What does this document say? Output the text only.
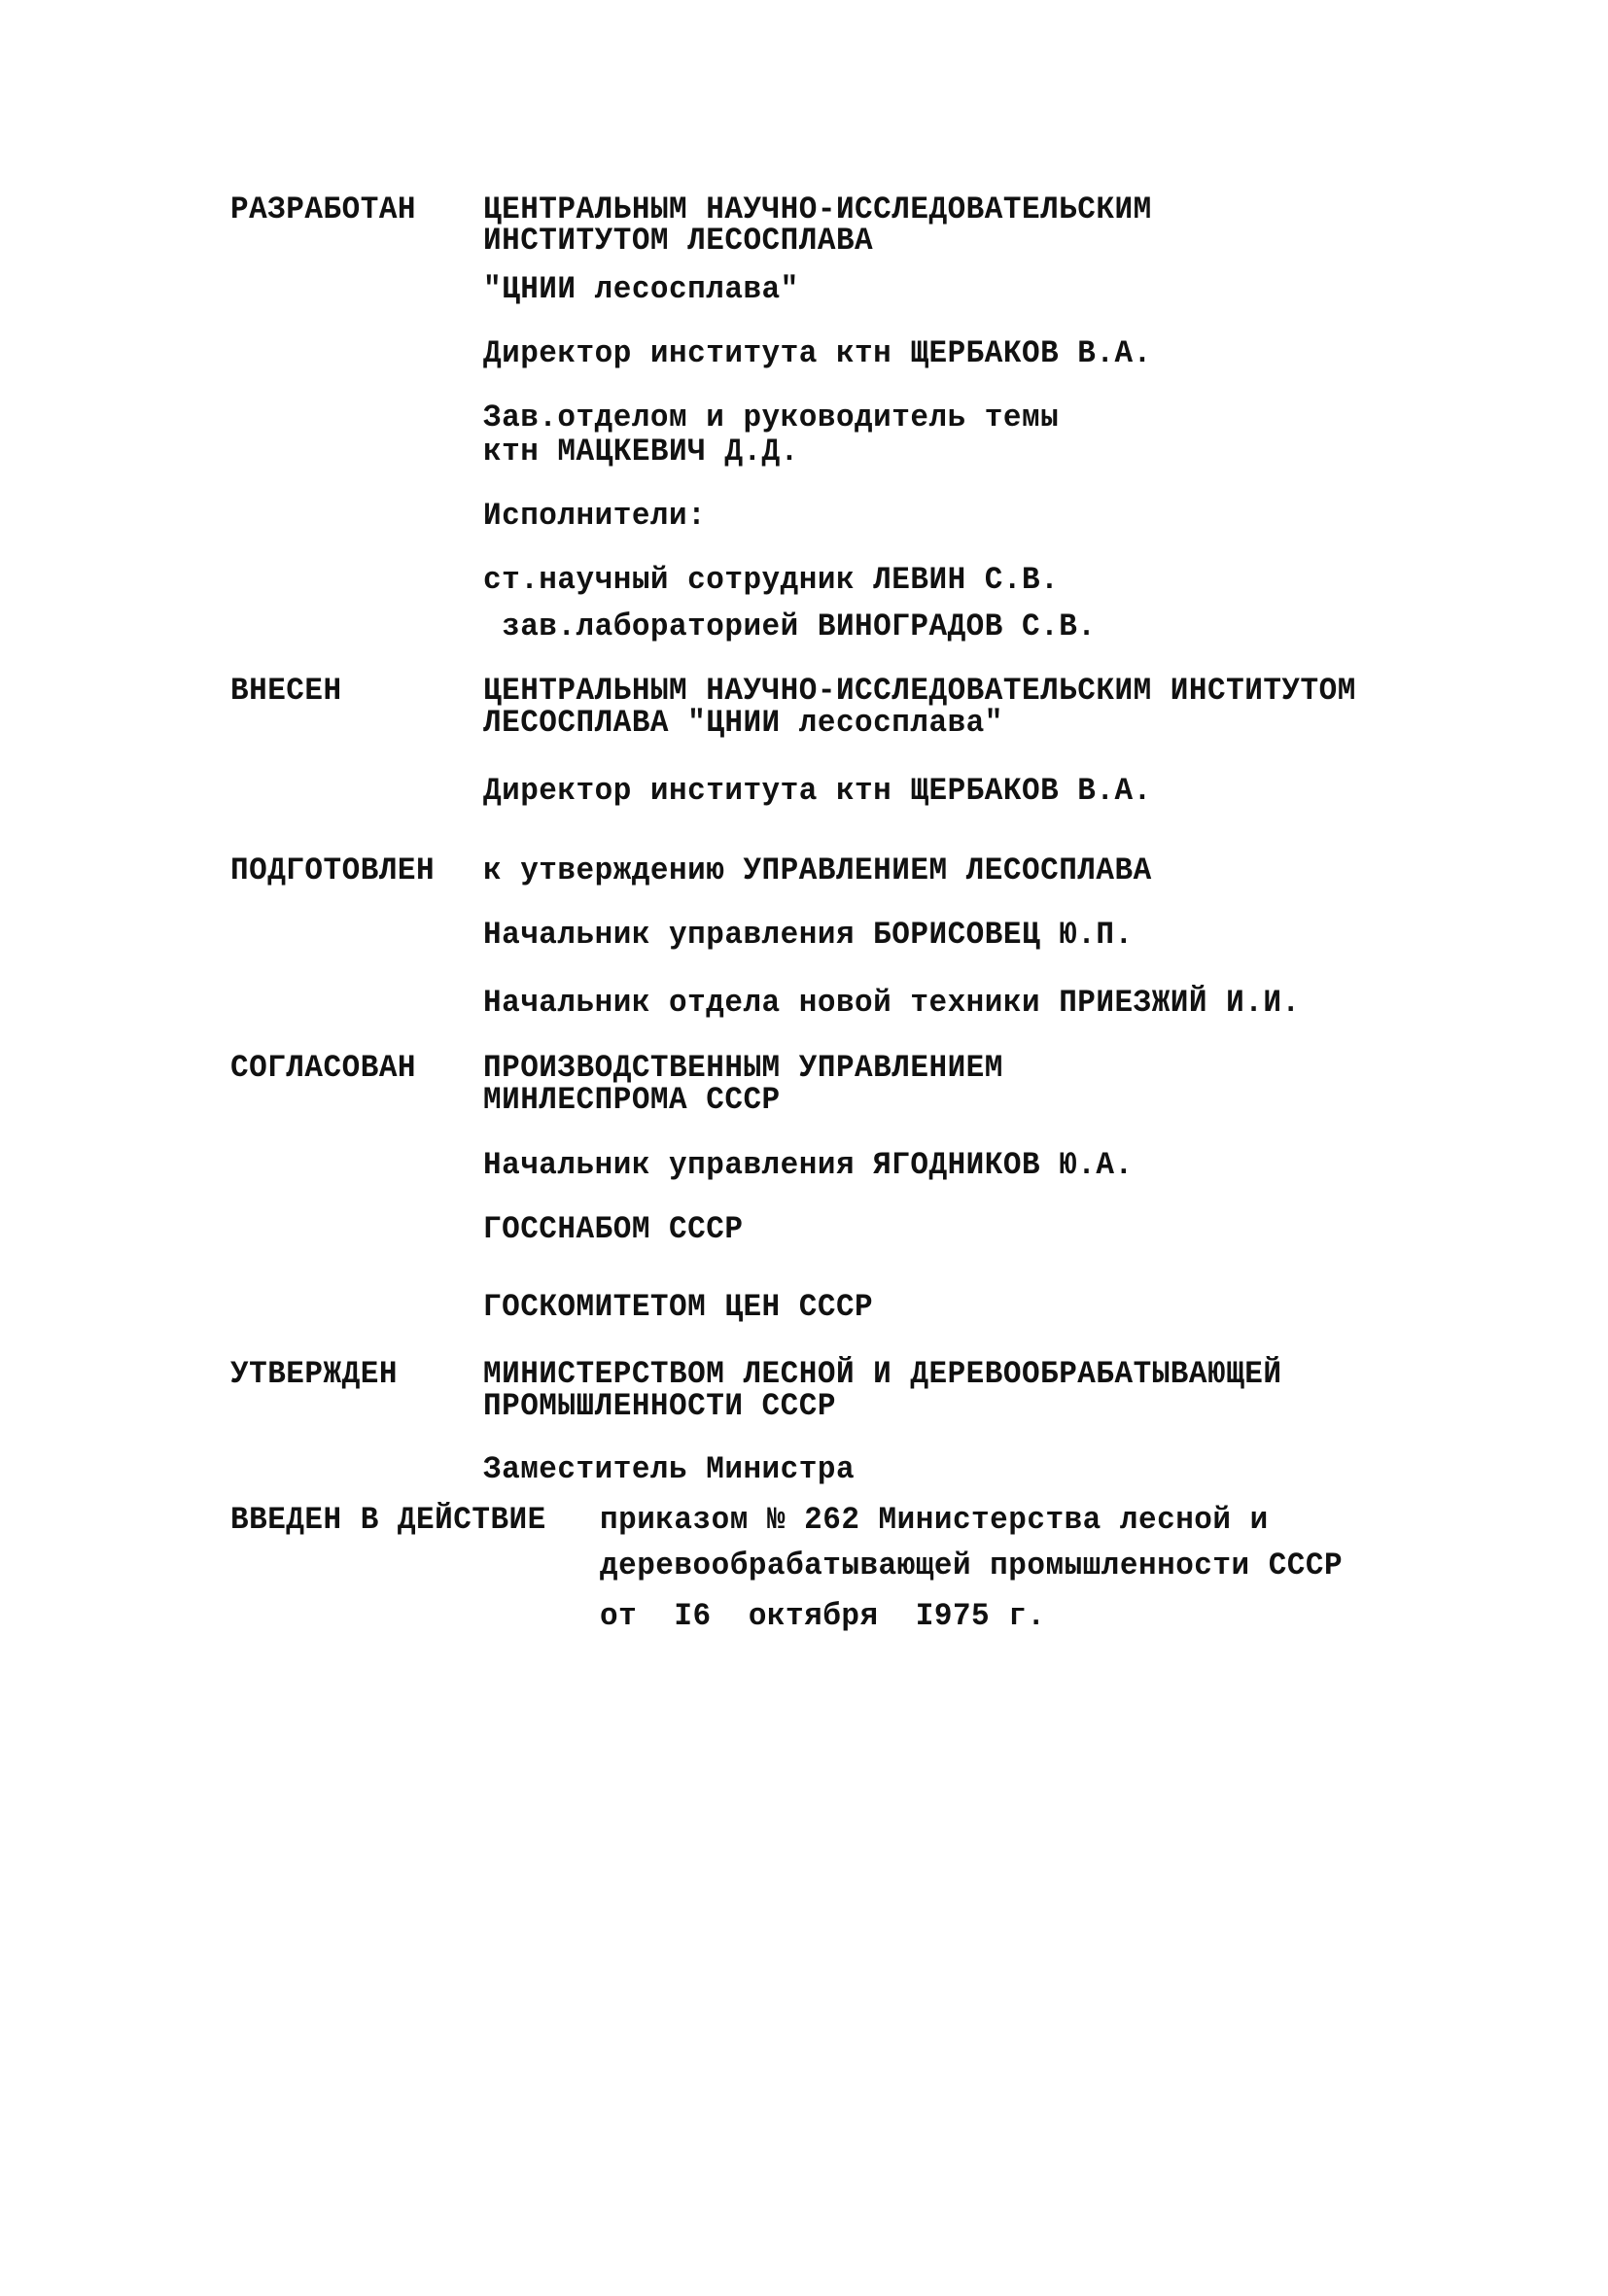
РАЗРАБОТАН ЦЕНТРАЛЬНЫМ НАУЧНО-ИССЛЕДОВАТЕЛЬСКИМ
ИНСТИТУТОМ ЛЕСОСПЛАВА
"ЦНИИ лесосплава"
Директор института ктн ЩЕРБАКОВ В.А.
Зав.отделом и руководитель темы
ктн МАЦКЕВИЧ Д.Д.
Исполнители:
ст.научный сотрудник ЛЕВИН С.В.
зав.лабораторией ВИНОГРАДОВ С.В.
ВНЕСЕН	ЦЕНТРАЛЬНЫМ НАУЧНО-ИССЛЕДОВАТЕЛЬСКИМ ИНСТИТУТОМ
ЛЕСОСПЛАВА "ЦНИИ лесосплава"
Директор института ктн ЩЕРБАКОВ В.А.
ПОДГОТОВЛЕН к утверждению УПРАВЛЕНИЕМ ЛЕСОСПЛАВА
Начальник управления БОРИСОВЕЦ Ю.П.
Начальник отдела новой техники ПРИЕЗЖИЙ И.И.
СОГЛАСОВАН ПРОИЗВОДСТВЕННЫМ УПРАВЛЕНИЕМ
МИНЛЕСПРОМА СССР
Начальник управления ЯГОДНИКОВ Ю.А.
ГОССНАБОМ СССР
ГОСКОМИТЕТОМ ЦЕН СССР
УТВЕРЖДЕН	МИНИСТЕРСТВОМ ЛЕСНОЙ И ДЕРЕВООБРАБАТЫВАЮЩЕЙ
ПРОМЫШЛЕННОСТИ СССР
Заместитель Министра
ВВЕДЕН В ДЕЙСТВИЕ приказом № 262 Министерства лесной и
деревообрабатывающей промышленности СССР
от  I6  октября  I975 г.
